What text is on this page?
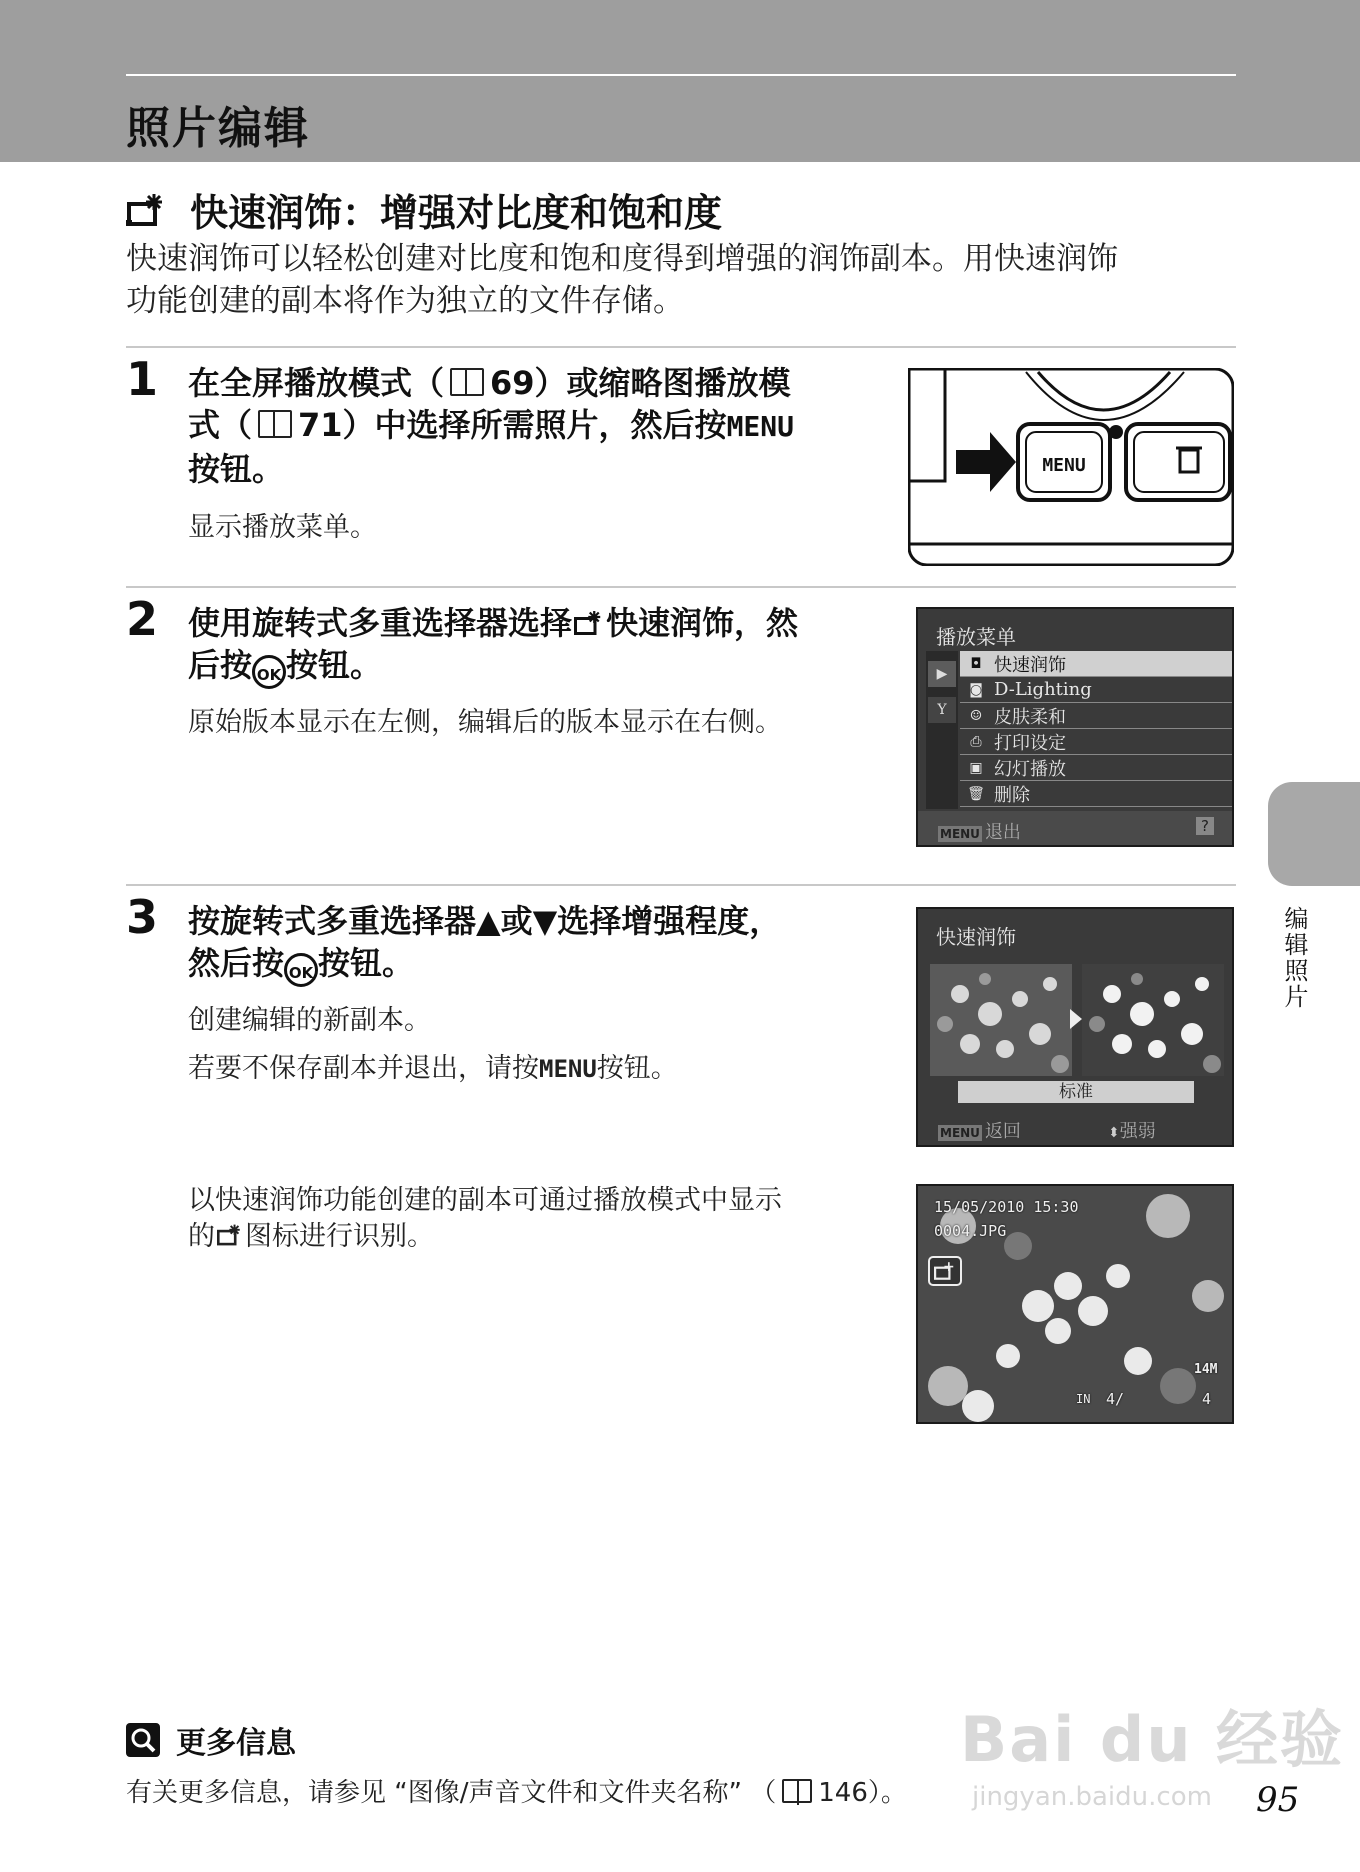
照片编辑
快速润饰：增强对比度和饱和度
快速润饰可以轻松创建对比度和饱和度得到增强的润饰副本。用快速润饰
功能创建的副本将作为独立的文件存储。
1 在全屏播放模式（ 69）或缩略图播放模
式（ 71）中选择所需照片，然后按MENU
按钮。
显示播放菜单。
MENU
2 使用旋转式多重选择器选择 快速润饰，然
后按 OK 按钮。
原始版本显示在左侧，编辑后的版本显示在右侧。
播放菜单
▶
Y
◘ 快速润饰
◙ D-Lighting
☺ 皮肤柔和
⎙ 打印设定
▣ 幻灯播放
🗑 删除
MENU 退出	?
3 按旋转式多重选择器▲或▼选择增强程度，
然后按 OK 按钮。
创建编辑的新副本。
若要不保存副本并退出，请按MENU按钮。
快速润饰
标准
MENU 返回	⬍强弱
以快速润饰功能创建的副本可通过播放模式中显示
的 图标进行识别。
15/05/2010 15:30
0004.JPG
14M
IN 4/	4
编辑照片
更多信息
有关更多信息，请参见 “图像/声音文件和文件夹名称” （ 146）。
Bai du 经验
jingyan.baidu.com 95
